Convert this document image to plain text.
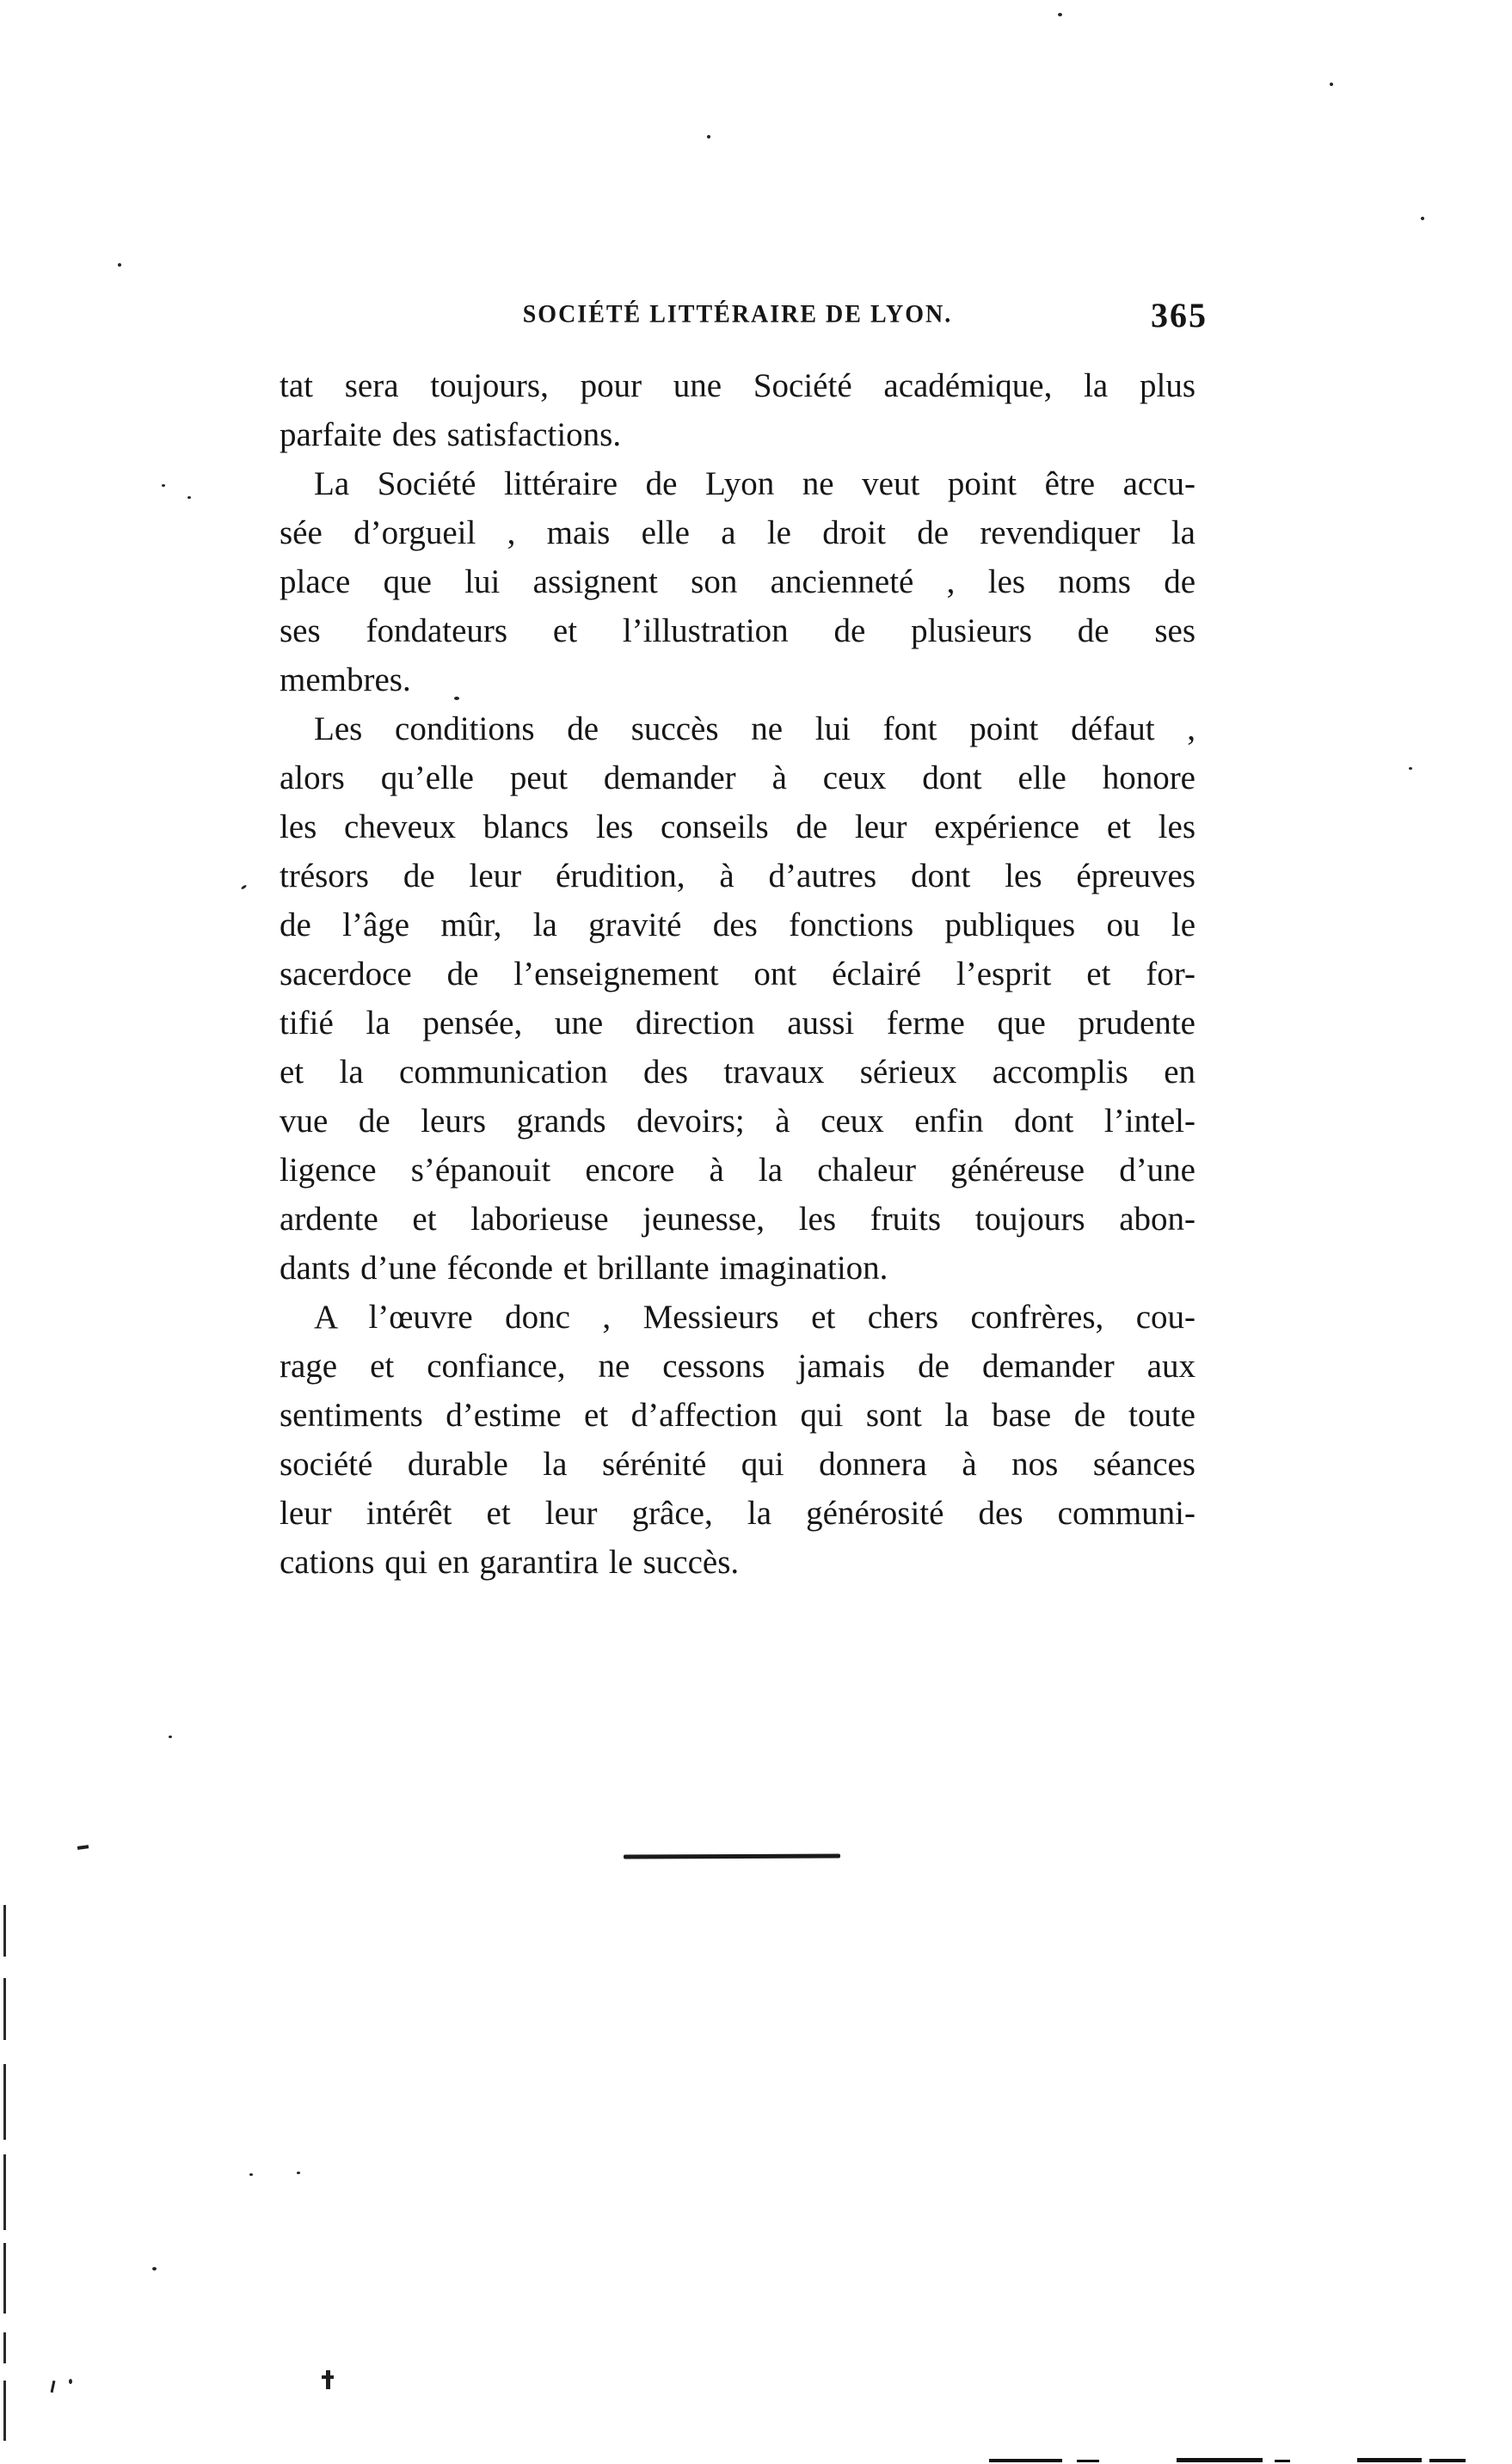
SOCIÉTÉ LITTÉRAIRE DE LYON.	365
tat sera toujours, pour une Société académique, la plus
parfaite des satisfactions.
La Société littéraire de Lyon ne veut point être accu-
sée d’orgueil , mais elle a le droit de revendiquer la
place que lui assignent son ancienneté , les noms de
ses fondateurs et l’illustration de plusieurs de ses
membres.
Les conditions de succès ne lui font point défaut ,
alors qu’elle peut demander à ceux dont elle honore
les cheveux blancs les conseils de leur expérience et les
trésors de leur érudition, à d’autres dont les épreuves
de l’âge mûr, la gravité des fonctions publiques ou le
sacerdoce de l’enseignement ont éclairé l’esprit et for-
tifié la pensée, une direction aussi ferme que prudente
et la communication des travaux sérieux accomplis en
vue de leurs grands devoirs; à ceux enfin dont l’intel-
ligence s’épanouit encore à la chaleur généreuse d’une
ardente et laborieuse jeunesse, les fruits toujours abon-
dants d’une féconde et brillante imagination.
A l’œuvre donc , Messieurs et chers confrères, cou-
rage et confiance, ne cessons jamais de demander aux
sentiments d’estime et d’affection qui sont la base de toute
société durable la sérénité qui donnera à nos séances
leur intérêt et leur grâce, la générosité des communi-
cations qui en garantira le succès.
